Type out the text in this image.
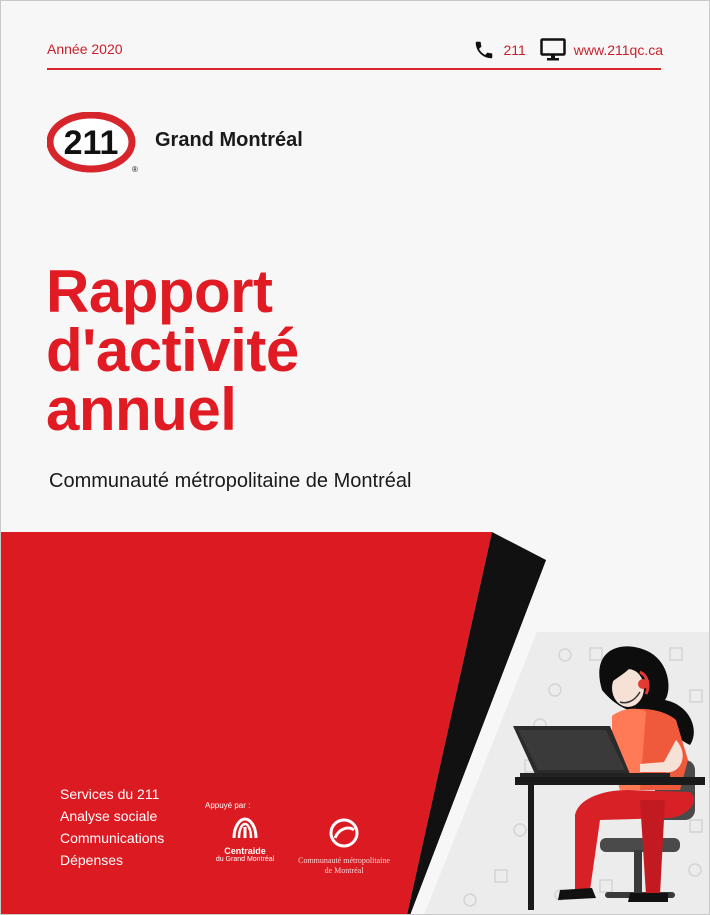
Année 2020	211	www.211qc.ca
211
®
Grand Montréal
Rapport
d'activité
annuel
Communauté métropolitaine de Montréal
Services du 211
Analyse sociale
Communications
Dépenses
Appuyé par :
Centraide
du Grand Montréal	Communauté métropolitaine
de Montréal
